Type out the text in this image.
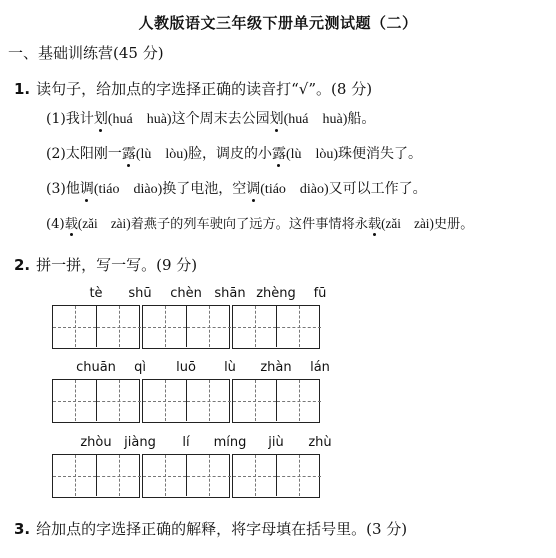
人教版语文三年级下册单元测试题（二）
一、基础训练营(45 分)
1. 读句子，给加点的字选择正确的读音打“√”。(8 分)
(1)我计划(huá　huà)这个周末去公园划(huá　huà)船。
(2)太阳刚一露(lù　lòu)脸，调皮的小露(lù　lòu)珠便消失了。
(3)他调(tiáo　diào)换了电池，空调(tiáo　diào)又可以工作了。
(4)载(zǎi　zài)着燕子的列车驶向了远方。这件事情将永载(zǎi　zài)史册。
2. 拼一拼，写一写。(9 分)
tè	shū	chèn shān zhèng	fū
chuān	qì	luō	lù	zhàn	lán
zhòu jiàng	lí	míng	jiù	zhù
3. 给加点的字选择正确的解释，将字母填在括号里。(3 分)
